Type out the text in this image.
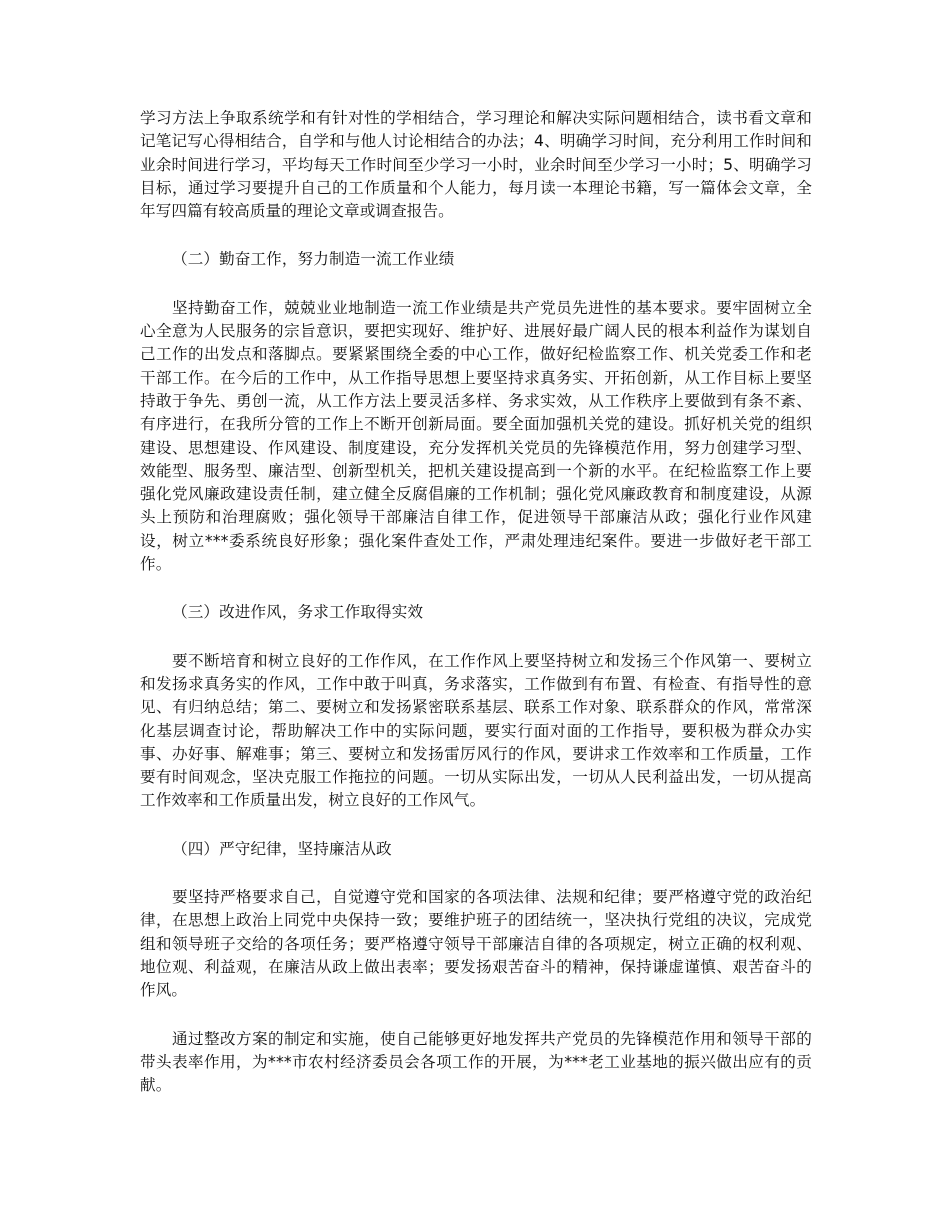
学习方法上争取系统学和有针对性的学相结合，学习理论和解决实际问题相结合，读书看文章和记笔记写心得相结合，自学和与他人讨论相结合的办法；4、明确学习时间，充分利用工作时间和业余时间进行学习，平均每天工作时间至少学习一小时，业余时间至少学习一小时；5、明确学习目标，通过学习要提升自己的工作质量和个人能力，每月读一本理论书籍，写一篇体会文章，全年写四篇有较高质量的理论文章或调查报告。

（二）勤奋工作，努力制造一流工作业绩

坚持勤奋工作，兢兢业业地制造一流工作业绩是共产党员先进性的基本要求。要牢固树立全心全意为人民服务的宗旨意识，要把实现好、维护好、进展好最广阔人民的根本利益作为谋划自己工作的出发点和落脚点。要紧紧围绕全委的中心工作，做好纪检监察工作、机关党委工作和老干部工作。在今后的工作中，从工作指导思想上要坚持求真务实、开拓创新，从工作目标上要坚持敢于争先、勇创一流，从工作方法上要灵活多样、务求实效，从工作秩序上要做到有条不紊、有序进行，在我所分管的工作上不断开创新局面。要全面加强机关党的建设。抓好机关党的组织建设、思想建设、作风建设、制度建设，充分发挥机关党员的先锋模范作用，努力创建学习型、效能型、服务型、廉洁型、创新型机关，把机关建设提高到一个新的水平。在纪检监察工作上要强化党风廉政建设责任制，建立健全反腐倡廉的工作机制；强化党风廉政教育和制度建设，从源头上预防和治理腐败；强化领导干部廉洁自律工作，促进领导干部廉洁从政；强化行业作风建设，树立***委系统良好形象；强化案件查处工作，严肃处理违纪案件。要进一步做好老干部工作。

（三）改进作风，务求工作取得实效

要不断培育和树立良好的工作作风，在工作作风上要坚持树立和发扬三个作风第一、要树立和发扬求真务实的作风，工作中敢于叫真，务求落实，工作做到有布置、有检查、有指导性的意见、有归纳总结；第二、要树立和发扬紧密联系基层、联系工作对象、联系群众的作风，常常深化基层调查讨论，帮助解决工作中的实际问题，要实行面对面的工作指导，要积极为群众办实事、办好事、解难事；第三、要树立和发扬雷厉风行的作风，要讲求工作效率和工作质量，工作要有时间观念，坚决克服工作拖拉的问题。一切从实际出发，一切从人民利益出发，一切从提高工作效率和工作质量出发，树立良好的工作风气。

（四）严守纪律，坚持廉洁从政

要坚持严格要求自己，自觉遵守党和国家的各项法律、法规和纪律；要严格遵守党的政治纪律，在思想上政治上同党中央保持一致；要维护班子的团结统一，坚决执行党组的决议，完成党组和领导班子交给的各项任务；要严格遵守领导干部廉洁自律的各项规定，树立正确的权利观、地位观、利益观，在廉洁从政上做出表率；要发扬艰苦奋斗的精神，保持谦虚谨慎、艰苦奋斗的作风。

通过整改方案的制定和实施，使自己能够更好地发挥共产党员的先锋模范作用和领导干部的带头表率作用，为***市农村经济委员会各项工作的开展，为***老工业基地的振兴做出应有的贡献。
